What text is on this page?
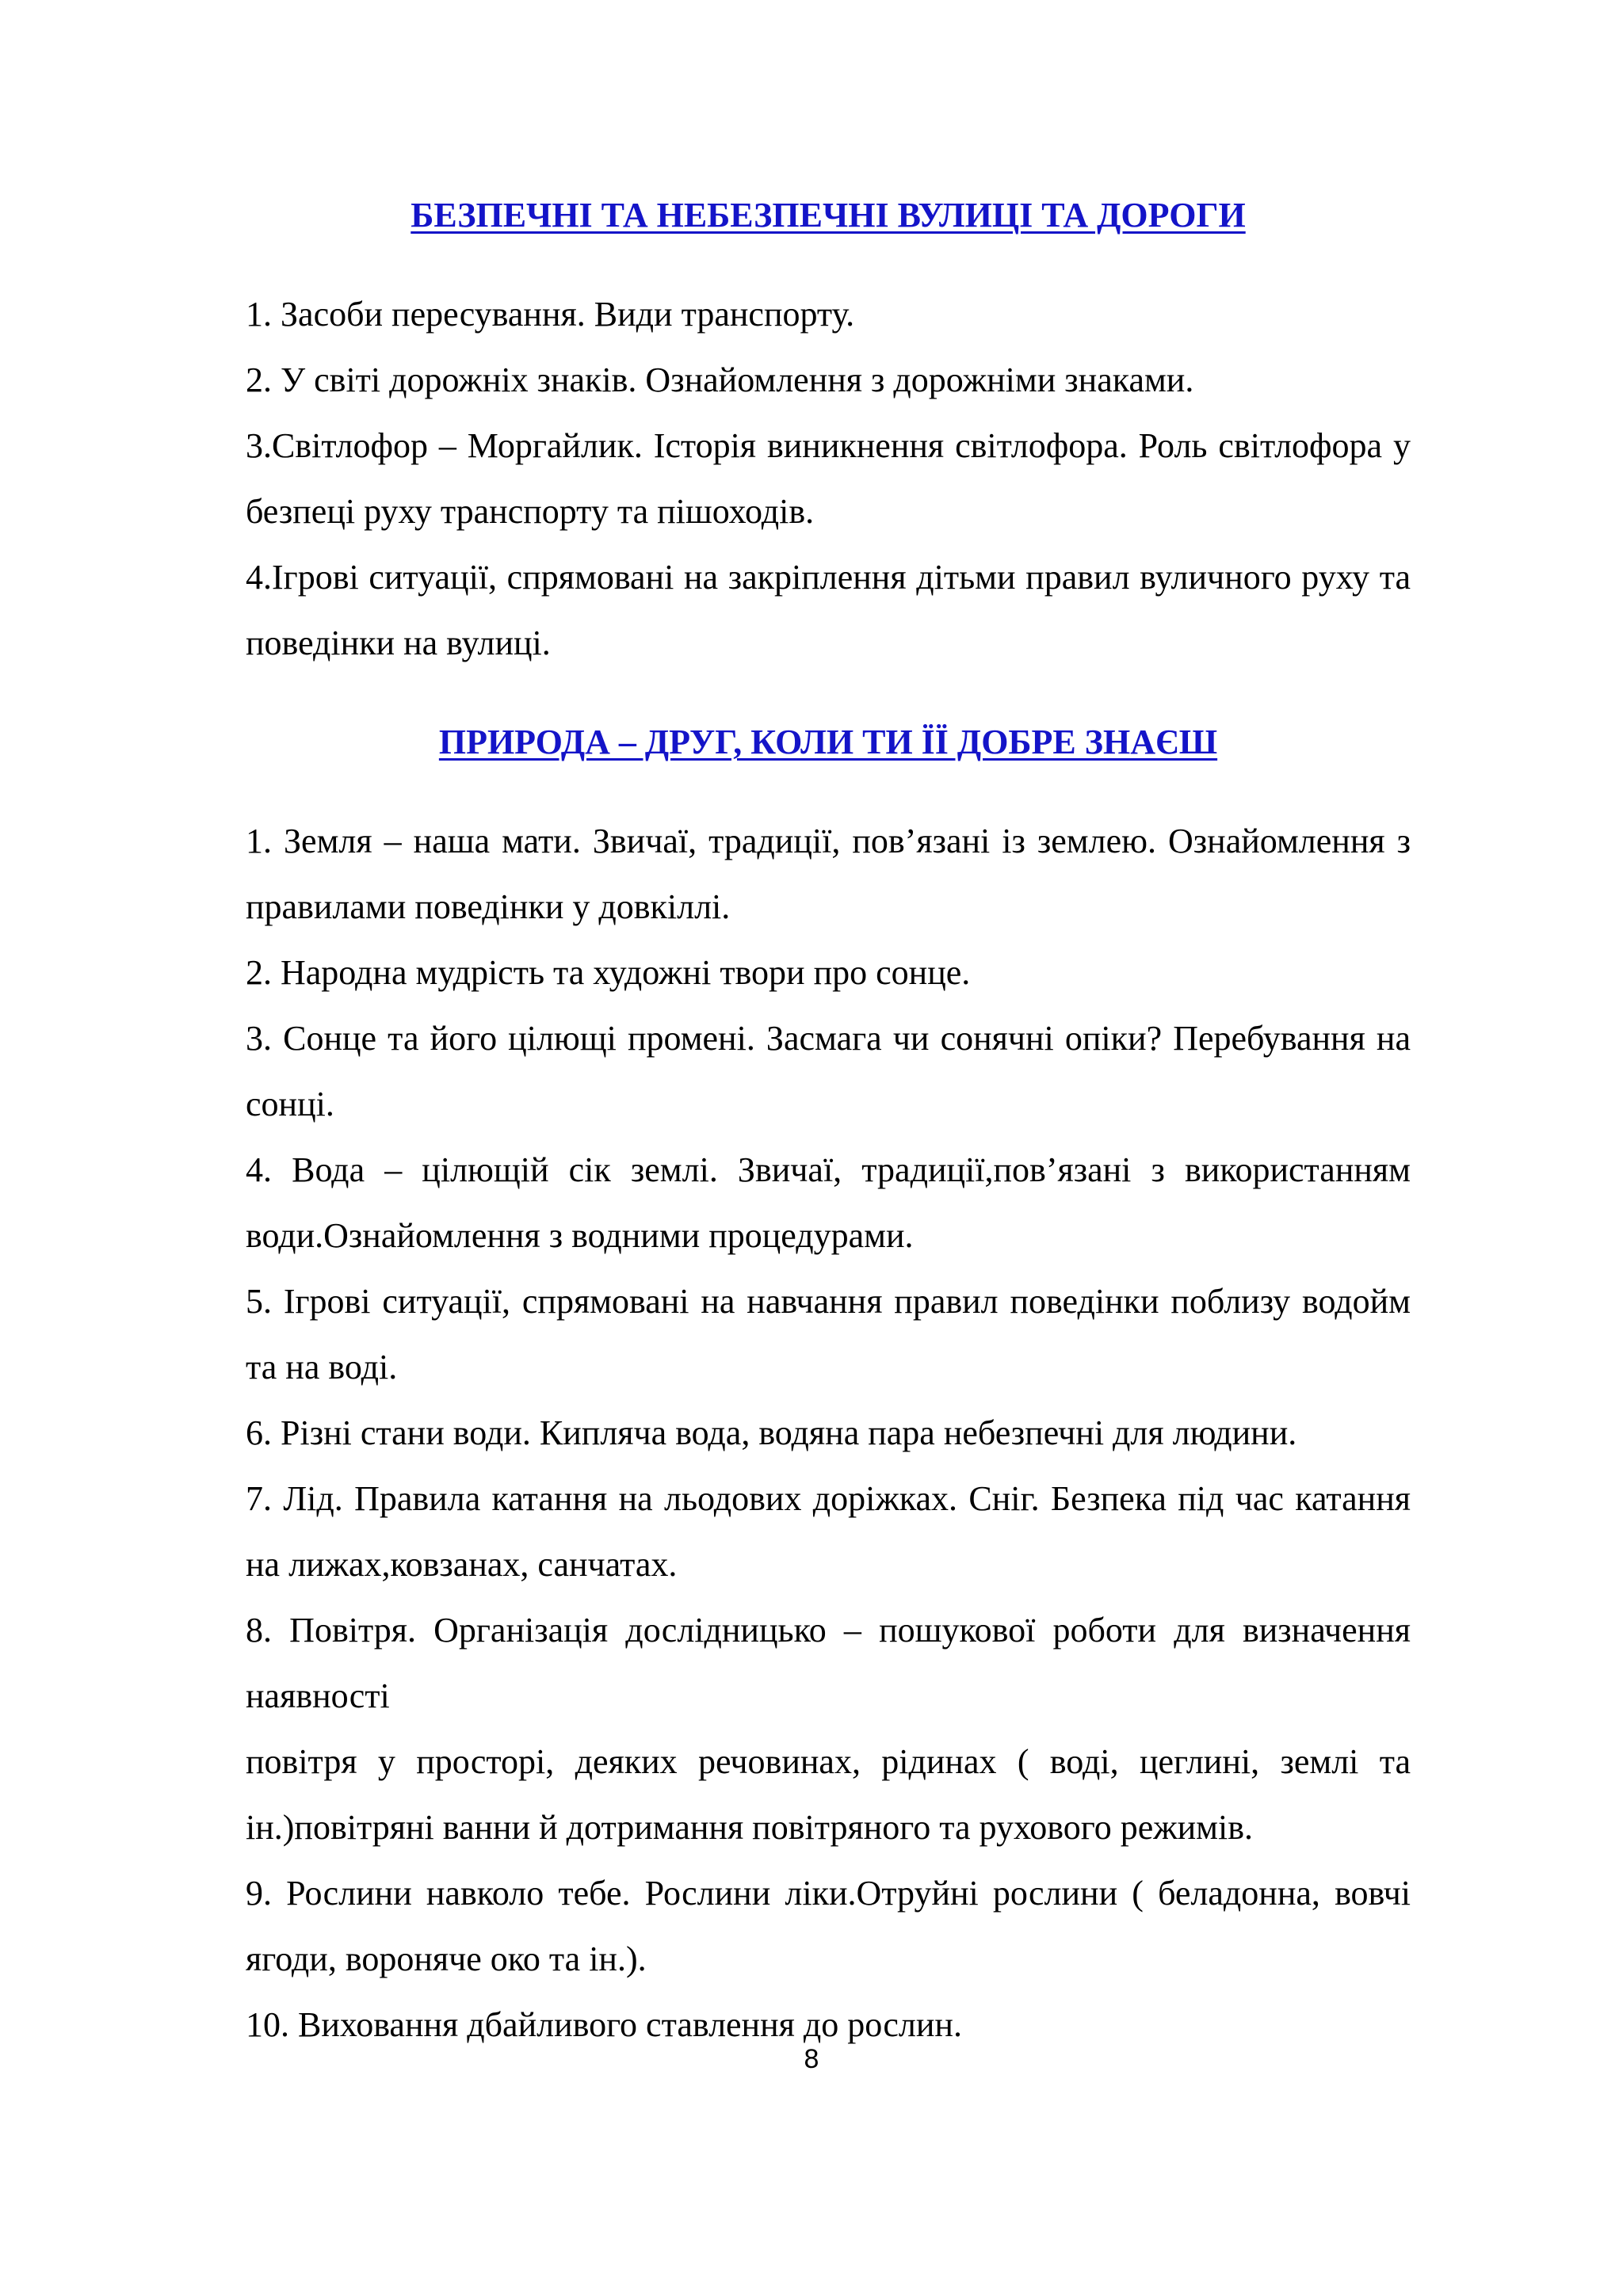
БЕЗПЕЧНІ ТА НЕБЕЗПЕЧНІ ВУЛИЦІ ТА ДОРОГИ

1. Засоби пересування. Види транспорту.

2. У світі дорожніх знаків. Ознайомлення з дорожніми знаками.

3.Світлофор – Моргайлик. Історія виникнення світлофора. Роль світлофора у безпеці руху транспорту та пішоходів.

4.Ігрові ситуації, спрямовані на закріплення дітьми правил вуличного руху та поведінки на вулиці.

ПРИРОДА – ДРУГ, КОЛИ ТИ ЇЇ ДОБРЕ ЗНАЄШ

1. Земля – наша мати. Звичаї, традиції, пов’язані із землею. Ознайомлення з правилами поведінки у довкіллі.

2. Народна мудрість та художні твори про сонце.

3. Сонце та його цілющі промені. Засмага чи сонячні опіки? Перебування на сонці.

4. Вода – цілющій сік землі. Звичаї, традиції,пов’язані з використанням води.Ознайомлення з водними процедурами.

5. Ігрові ситуації, спрямовані на навчання правил поведінки поблизу водойм та на воді.

6. Різні стани води. Кипляча вода, водяна пара небезпечні для людини.

7. Лід. Правила катання на льодових доріжках. Сніг. Безпека під час катання на лижах,ковзанах, санчатах.

8. Повітря. Організація дослідницько – пошукової роботи для визначення наявності

повітря у просторі, деяких речовинах, рідинах ( воді, цеглині, землі та ін.)повітряні ванни й дотримання повітряного та рухового режимів.

9. Рослини навколо тебе. Рослини ліки.Отруйні рослини ( беладонна, вовчі ягоди, вороняче око та ін.).

10. Виховання дбайливого ставлення до рослин.

8
